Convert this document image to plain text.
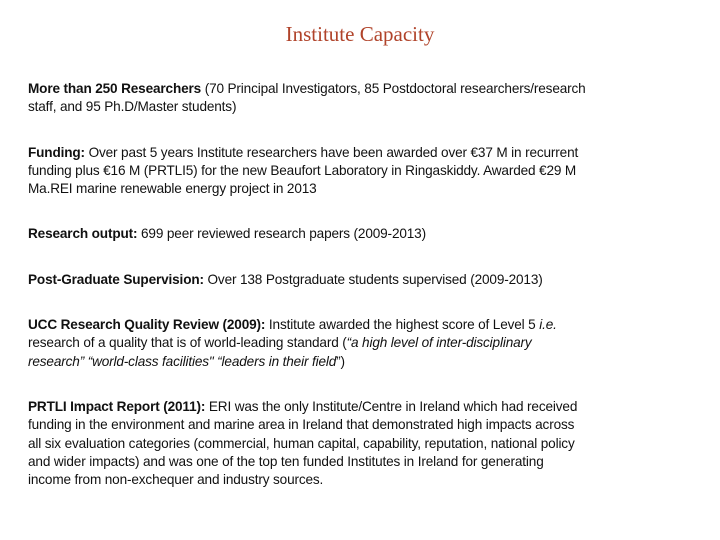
Institute Capacity
More than 250 Researchers (70 Principal Investigators, 85 Postdoctoral researchers/research
staff, and 95 Ph.D/Master students)
Funding: Over past 5 years Institute researchers have been awarded over €37 M in recurrent
funding plus €16 M (PRTLI5) for the new Beaufort Laboratory in Ringaskiddy. Awarded €29 M
Ma.REI marine renewable energy project in 2013
Research output: 699 peer reviewed research papers (2009-2013)
Post-Graduate Supervision: Over 138 Postgraduate students supervised (2009-2013)
UCC Research Quality Review (2009): Institute awarded the highest score of Level 5 i.e.
research of a quality that is of world-leading standard (“a high level of inter-disciplinary
research” “world-class facilities" “leaders in their field”)
PRTLI Impact Report (2011): ERI was the only Institute/Centre in Ireland which had received
funding in the environment and marine area in Ireland that demonstrated high impacts across
all six evaluation categories (commercial, human capital, capability, reputation, national policy
and wider impacts) and was one of the top ten funded Institutes in Ireland for generating
income from non-exchequer and industry sources.
